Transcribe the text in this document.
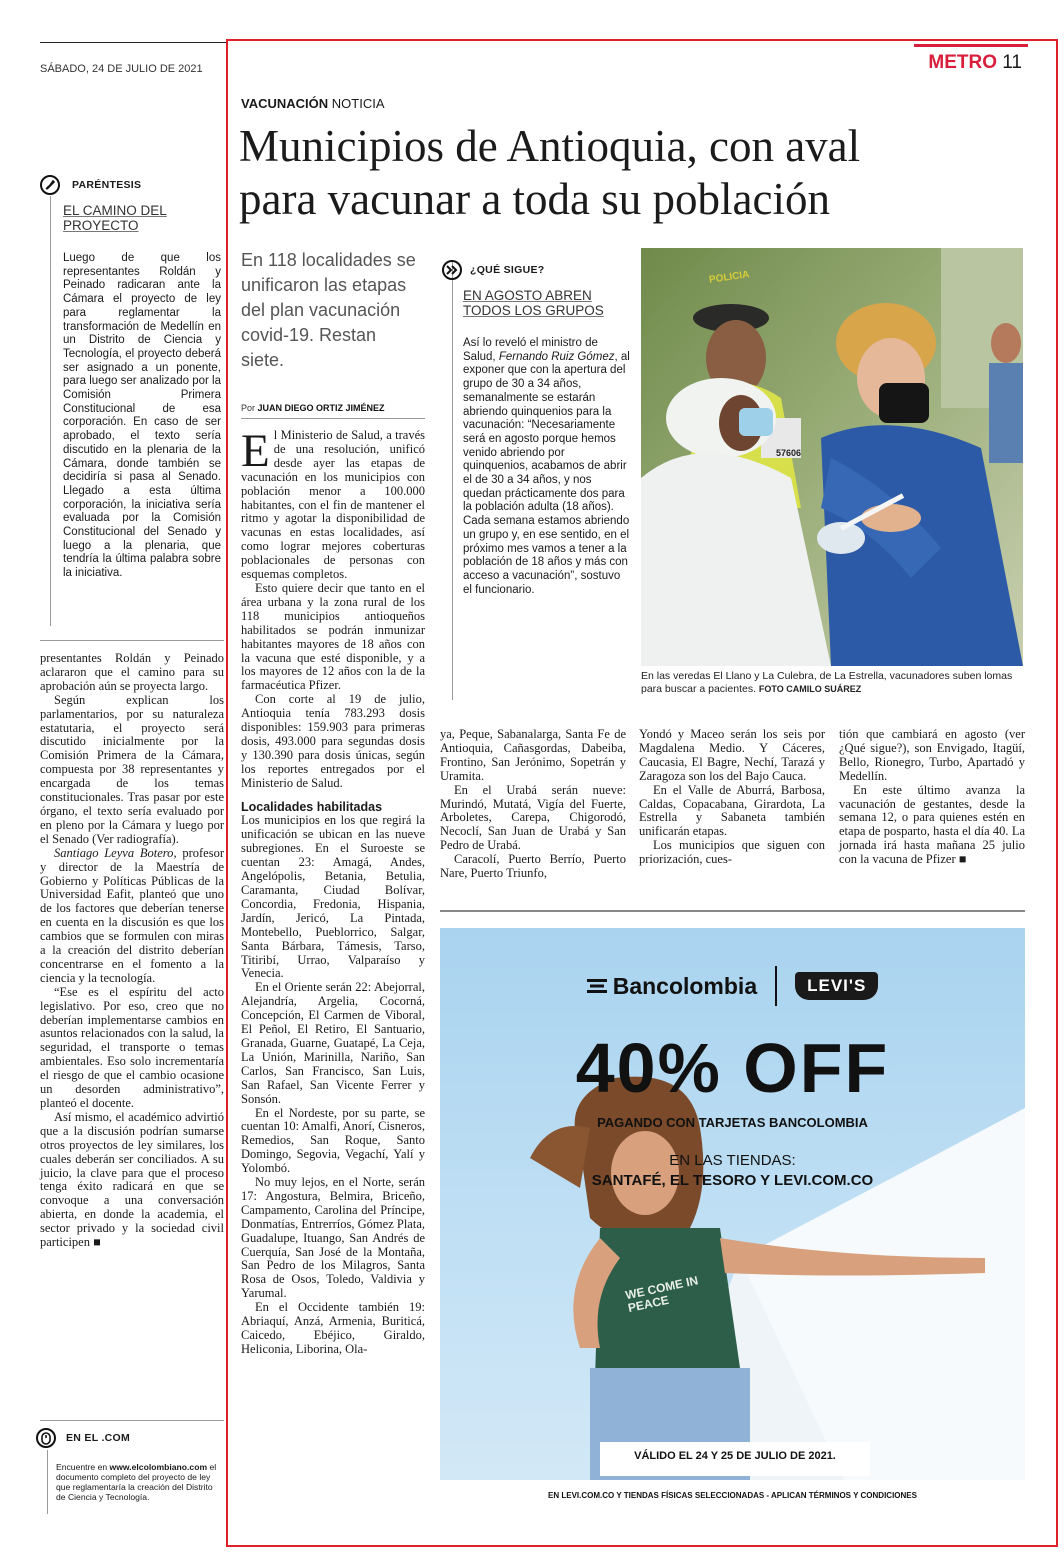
SÁBADO, 24 DE JULIO DE 2021	METRO 11
VACUNACIÓN NOTICIA
Municipios de Antioquia, con aval
para vacunar a toda su población
En 118 localidades se unificaron las etapas del plan vacunación covid-19. Restan siete.
Por JUAN DIEGO ORTIZ JIMÉNEZ
E l Ministerio de Salud, a través de una resolución, unificó desde ayer las etapas de vacunación en los municipios con población menor a 100.000 habitantes, con el fin de mantener el ritmo y agotar la disponibilidad de vacunas en estas localidades, así como lograr mejores coberturas poblacionales de personas con esquemas completos.

Esto quiere decir que tanto en el área urbana y la zona rural de los 118 municipios antioqueños habilitados se podrán inmunizar habitantes mayores de 18 años con la vacuna que esté disponible, y a los mayores de 12 años con la de la farmacéutica Pfizer.

Con corte al 19 de julio, Antioquia tenía 783.293 dosis disponibles: 159.903 para primeras dosis, 493.000 para segundas dosis y 130.390 para dosis únicas, según los reportes entregados por el Ministerio de Salud.

Localidades habilitadas
Los municipios en los que regirá la unificación se ubican en las nueve subregiones. En el Suroeste se cuentan 23: Amagá, Andes, Angelópolis, Betania, Betulia, Caramanta, Ciudad Bolívar, Concordia, Fredonia, Hispania, Jardín, Jericó, La Pintada, Montebello, Pueblorrico, Salgar, Santa Bárbara, Támesis, Tarso, Titiribí, Urrao, Valparaíso y Venecia.

En el Oriente serán 22: Abejorral, Alejandría, Argelia, Cocorná, Concepción, El Carmen de Viboral, El Peñol, El Retiro, El Santuario, Granada, Guarne, Guatapé, La Ceja, La Unión, Marinilla, Nariño, San Carlos, San Francisco, San Luis, San Rafael, San Vicente Ferrer y Sonsón.

En el Nordeste, por su parte, se cuentan 10: Amalfi, Anorí, Cisneros, Remedios, San Roque, Santo Domingo, Segovia, Vegachí, Yalí y Yolombó.

No muy lejos, en el Norte, serán 17: Angostura, Belmira, Briceño, Campamento, Carolina del Príncipe, Donmatías, Entrerríos, Gómez Plata, Guadalupe, Ituango, San Andrés de Cuerquía, San José de la Montaña, San Pedro de los Milagros, Santa Rosa de Osos, Toledo, Valdivia y Yarumal.

En el Occidente también 19: Abriaquí, Anzá, Armenia, Buriticá, Caicedo, Ebéjico, Giraldo, Heliconia, Liborina, Ola-

¿QUÉ SIGUE?
EN AGOSTO ABREN TODOS LOS GRUPOS
Así lo reveló el ministro de Salud, Fernando Ruiz Gómez, al exponer que con la apertura del grupo de 30 a 34 años, semanalmente se estarán abriendo quinquenios para la vacunación: “Necesariamente será en agosto porque hemos venido abriendo por quinquenios, acabamos de abrir el de 30 a 34 años, y nos quedan prácticamente dos para la población adulta (18 años). Cada semana estamos abriendo un grupo y, en ese sentido, en el próximo mes vamos a tener a la población de 18 años y más con acceso a vacunación”, sostuvo el funcionario.
POLICIA
57606
En las veredas El Llano y La Culebra, de La Estrella, vacunadores suben lomas para buscar a pacientes. FOTO CAMILO SUÁREZ
ya, Peque, Sabanalarga, Santa Fe de Antioquia, Cañasgordas, Dabeiba, Frontino, San Jerónimo, Sopetrán y Uramita.

En el Urabá serán nueve: Murindó, Mutatá, Vigía del Fuerte, Arboletes, Carepa, Chigorodó, Necoclí, San Juan de Urabá y San Pedro de Urabá.

Caracolí, Puerto Berrío, Puerto Nare, Puerto Triunfo,

Yondó y Maceo serán los seis por Magdalena Medio. Y Cáceres, Caucasia, El Bagre, Nechí, Tarazá y Zaragoza son los del Bajo Cauca.

En el Valle de Aburrá, Barbosa, Caldas, Copacabana, Girardota, La Estrella y Sabaneta también unificarán etapas.

Los municipios que siguen con priorización, cues-

tión que cambiará en agosto (ver ¿Qué sigue?), son Envigado, Itagüí, Bello, Rionegro, Turbo, Apartadó y Medellín.

En este último avanza la vacunación de gestantes, desde la semana 12, o para quienes estén en etapa de posparto, hasta el día 40. La jornada irá hasta mañana 25 julio con la vacuna de Pfizer ■

Bancolombia	LEVI'S
40% OFF
PAGANDO CON TARJETAS BANCOLOMBIA
EN LAS TIENDAS:
SANTAFÉ, EL TESORO Y LEVI.COM.CO
WE COME IN PEACE
VÁLIDO EL 24 Y 25 DE JULIO DE 2021.
EN LEVI.COM.CO Y TIENDAS FÍSICAS SELECCIONADAS - APLICAN TÉRMINOS Y CONDICIONES
PARÉNTESIS
EL CAMINO DEL PROYECTO
Luego de que los representantes Roldán y Peinado radicaran ante la Cámara el proyecto de ley para reglamentar la transformación de Medellín en un Distrito de Ciencia y Tecnología, el proyecto deberá ser asignado a un ponente, para luego ser analizado por la Comisión Primera Constitucional de esa corporación. En caso de ser aprobado, el texto sería discutido en la plenaria de la Cámara, donde también se decidiría si pasa al Senado. Llegado a esta última corporación, la iniciativa sería evaluada por la Comisión Constitucional del Senado y luego a la plenaria, que tendría la última palabra sobre la iniciativa.
presentantes Roldán y Peinado aclararon que el camino para su aprobación aún se proyecta largo.

Según explican los parlamentarios, por su naturaleza estatutaria, el proyecto será discutido inicialmente por la Comisión Primera de la Cámara, compuesta por 38 representantes y encargada de los temas constitucionales. Tras pasar por este órgano, el texto sería evaluado por en pleno por la Cámara y luego por el Senado (Ver radiografía).

Santiago Leyva Botero, profesor y director de la Maestría de Gobierno y Políticas Públicas de la Universidad Eafit, planteó que uno de los factores que deberían tenerse en cuenta en la discusión es que los cambios que se formulen con miras a la creación del distrito deberían concentrarse en el fomento a la ciencia y la tecnología.

“Ese es el espíritu del acto legislativo. Por eso, creo que no deberían implementarse cambios en asuntos relacionados con la salud, la seguridad, el transporte o temas ambientales. Eso solo incrementaría el riesgo de que el cambio ocasione un desorden administrativo”, planteó el docente.

Así mismo, el académico advirtió que a la discusión podrían sumarse otros proyectos de ley similares, los cuales deberán ser conciliados. A su juicio, la clave para que el proceso tenga éxito radicará en que se convoque a una conversación abierta, en donde la academia, el sector privado y la sociedad civil participen ■

EN EL .COM
Encuentre en www.elcolombiano.com el documento completo del proyecto de ley que reglamentaría la creación del Distrito de Ciencia y Tecnología.
